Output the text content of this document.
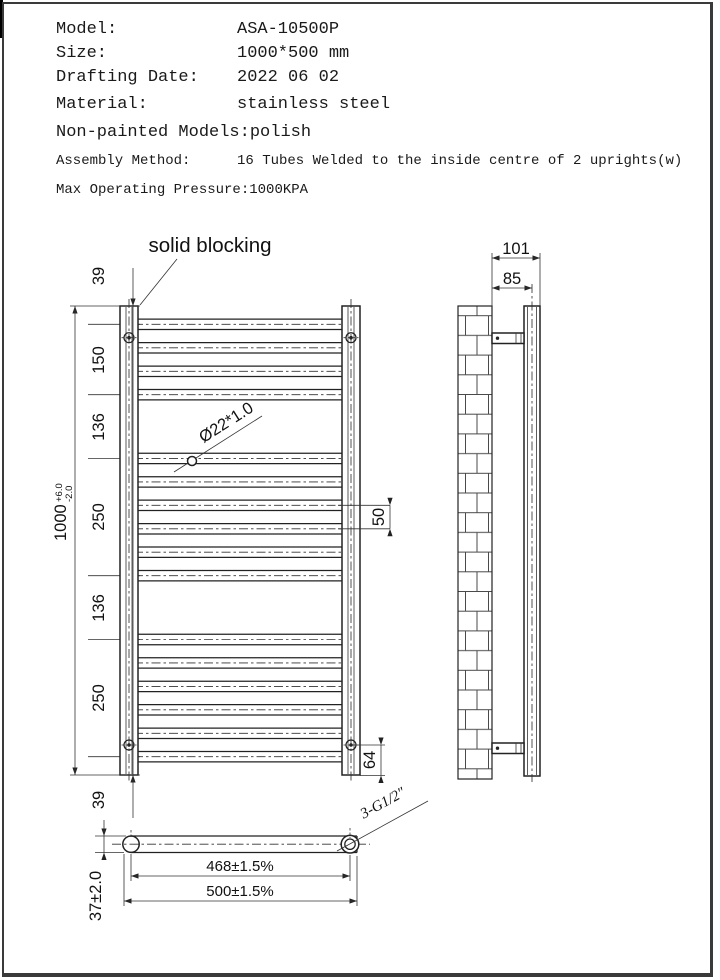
Model:	ASA-10500P
Size:	1000*500 mm
Drafting Date: 2022 06 02
Material:	stainless steel
Non-painted Models:polish
Assembly Method:	16 Tubes Welded to the inside centre of 2 uprights(w)
Max Operating Pressure:1000KPA
solid blocking
Ø22*1.0
1000
+6.0 -2.0
39
150
136
250
136
250
39
50
64
101
85
37±2.0
468±1.5%
500±1.5%
3-G1/2″
